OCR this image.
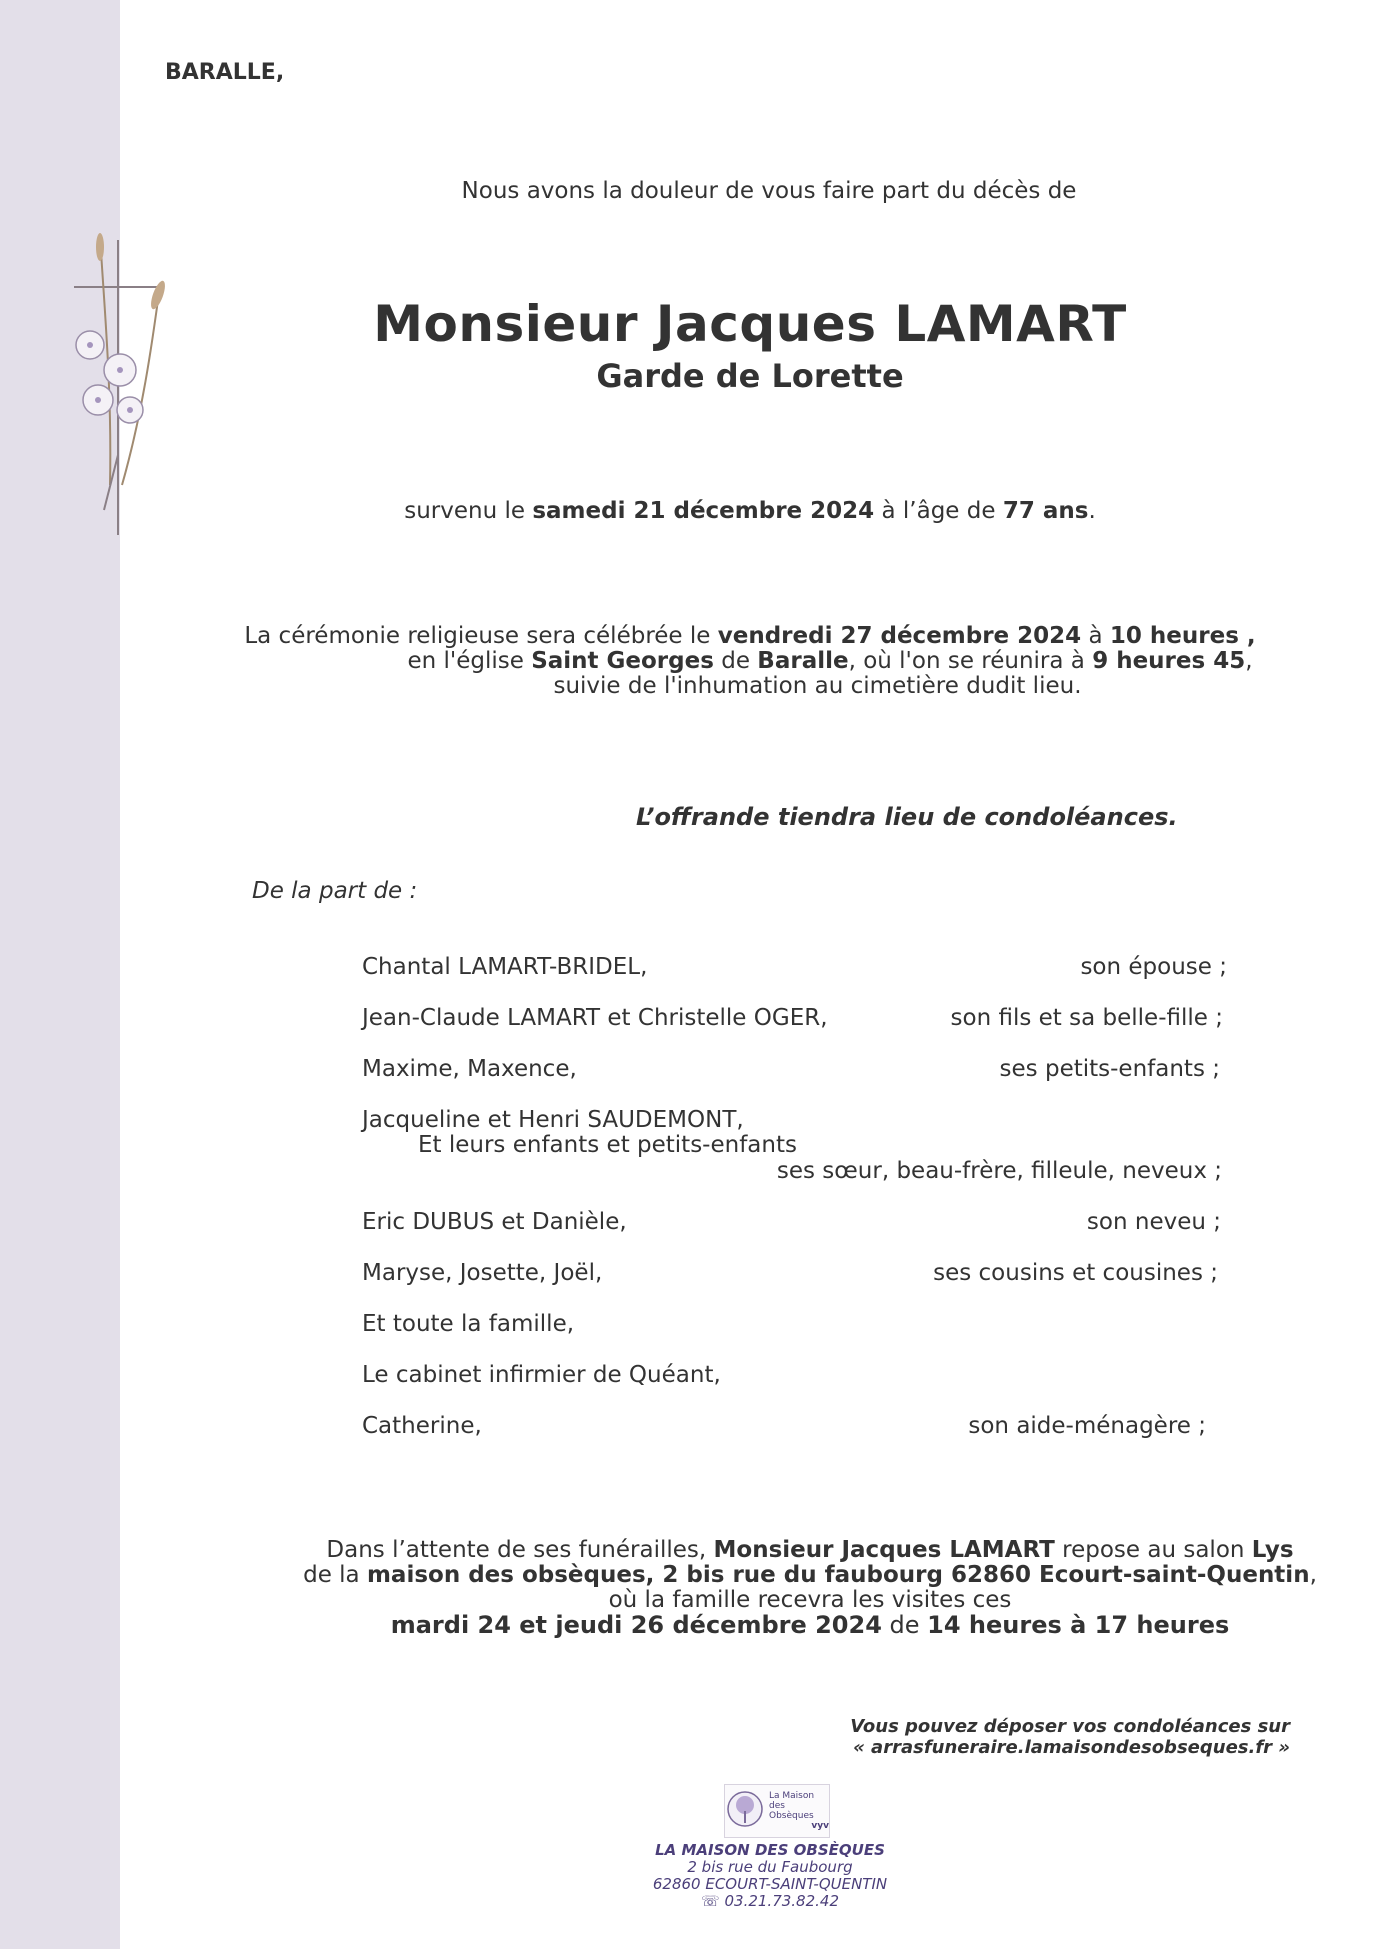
BARALLE,
Nous avons la douleur de vous faire part du décès de
Monsieur Jacques LAMART
Garde de Lorette
survenu le samedi 21 décembre 2024 à l’âge de 77 ans.
La cérémonie religieuse sera célébrée le vendredi 27 décembre 2024 à 10 heures ,
en l'église Saint Georges de Baralle, où l'on se réunira à 9 heures 45,
suivie de l'inhumation au cimetière dudit lieu.
L’offrande tiendra lieu de condoléances.
De la part de :
Chantal LAMART-BRIDEL,	son épouse ;
Jean-Claude LAMART et Christelle OGER,	son fils et sa belle-fille ;
Maxime, Maxence,	ses petits-enfants ;
Jacqueline et Henri SAUDEMONT,
Et leurs enfants et petits-enfants
ses sœur, beau-frère, filleule, neveux ;
Eric DUBUS et Danièle,	son neveu ;
Maryse, Josette, Joël,	ses cousins et cousines ;
Et toute la famille,
Le cabinet infirmier de Quéant,
Catherine,	son aide-ménagère ;
Dans l’attente de ses funérailles, Monsieur Jacques LAMART repose au salon Lys
de la maison des obsèques, 2 bis rue du faubourg 62860 Ecourt-saint-Quentin,
où la famille recevra les visites ces
mardi 24 et jeudi 26 décembre 2024 de 14 heures à 17 heures
Vous pouvez déposer vos condoléances sur
« arrasfuneraire.lamaisondesobseques.fr »
La Maison
des Obsèques
vyv
LA MAISON DES OBSÈQUES
2 bis rue du Faubourg
62860 ECOURT-SAINT-QUENTIN
☏ 03.21.73.82.42
